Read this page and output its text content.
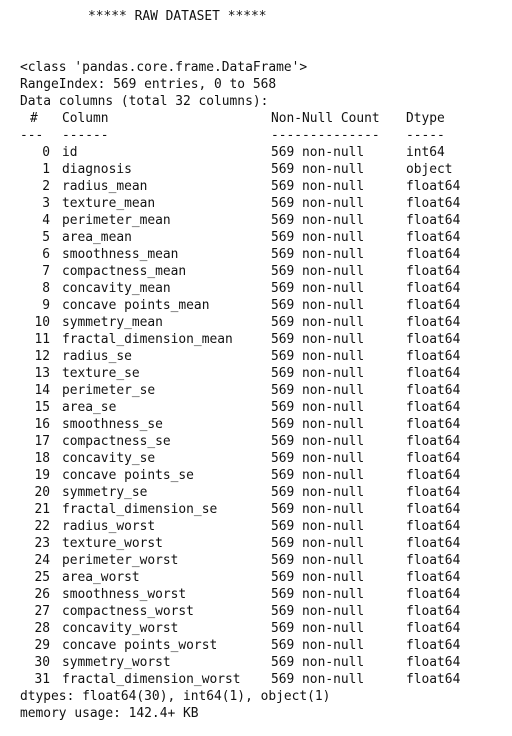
***** RAW DATASET *****
<class 'pandas.core.frame.DataFrame'>
RangeIndex: 569 entries, 0 to 568
Data columns (total 32 columns):
#	Column	Non-Null Count Dtype
--- ------	-------------- -----
0 id	569 non-null	int64
1 diagnosis	569 non-null	object
2 radius_mean	569 non-null	float64
3 texture_mean	569 non-null	float64
4 perimeter_mean	569 non-null	float64
5 area_mean	569 non-null	float64
6 smoothness_mean	569 non-null	float64
7 compactness_mean	569 non-null	float64
8 concavity_mean	569 non-null	float64
9 concave points_mean	569 non-null	float64
10 symmetry_mean	569 non-null	float64
11 fractal_dimension_mean	569 non-null	float64
12 radius_se	569 non-null	float64
13 texture_se	569 non-null	float64
14 perimeter_se	569 non-null	float64
15 area_se	569 non-null	float64
16 smoothness_se	569 non-null	float64
17 compactness_se	569 non-null	float64
18 concavity_se	569 non-null	float64
19 concave points_se	569 non-null	float64
20 symmetry_se	569 non-null	float64
21 fractal_dimension_se	569 non-null	float64
22 radius_worst	569 non-null	float64
23 texture_worst	569 non-null	float64
24 perimeter_worst	569 non-null	float64
25 area_worst	569 non-null	float64
26 smoothness_worst	569 non-null	float64
27 compactness_worst	569 non-null	float64
28 concavity_worst	569 non-null	float64
29 concave points_worst	569 non-null	float64
30 symmetry_worst	569 non-null	float64
31 fractal_dimension_worst 569 non-null	float64
dtypes: float64(30), int64(1), object(1)
memory usage: 142.4+ KB
